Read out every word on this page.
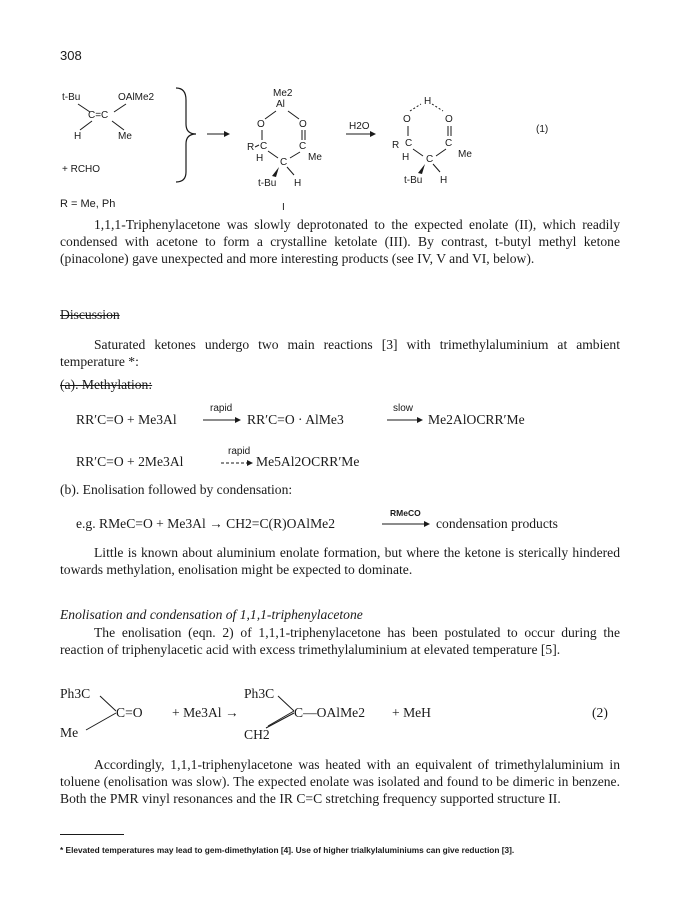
308
t-Bu	OAlMe2
C=C
H	Me
+ RCHO
Me2
Al
O	O
R C	C
C Me
H
t-Bu H
H2O
H
O	O
R C	C
C Me
H
t-Bu H
(1)
I
R = Me, Ph
1,1,1-Triphenylacetone was slowly deprotonated to the expected enolate (II), which readily condensed with acetone to form a crystalline ketolate (III). By contrast, t-butyl methyl ketone (pinacolone) gave unexpected and more interesting products (see IV, V and VI, below).
Discussion
Saturated ketones undergo two main reactions [3] with trimethylaluminium at ambient temperature *:
(a). Methylation:
RR′C=O + Me3Al
rapid
RR′C=O · AlMe3
slow
Me2AlOCRR′Me
RR′C=O + 2Me3Al
rapid
Me5Al2OCRR′Me
(b). Enolisation followed by condensation:
e.g. RMeC=O + Me3Al → CH2=C(R)OAlMe2
RMeCO
condensation products
Little is known about aluminium enolate formation, but where the ketone is sterically hindered towards methylation, enolisation might be expected to dominate.
Enolisation and condensation of 1,1,1-triphenylacetone
The enolisation (eqn. 2) of 1,1,1-triphenylacetone has been postulated to occur during the reaction of triphenylacetic acid with excess trimethylaluminium at elevated temperature [5].
Ph3C
C=O
Me
+ Me3Al →
Ph3C
C—OAlMe2
CH2
+ MeH	(2)
Accordingly, 1,1,1-triphenylacetone was heated with an equivalent of trimethylaluminium in toluene (enolisation was slow). The expected enolate was isolated and found to be dimeric in benzene. Both the PMR vinyl resonances and the IR C=C stretching frequency supported structure II.
* Elevated temperatures may lead to gem-dimethylation [4]. Use of higher trialkylaluminiums can give reduction [3].
